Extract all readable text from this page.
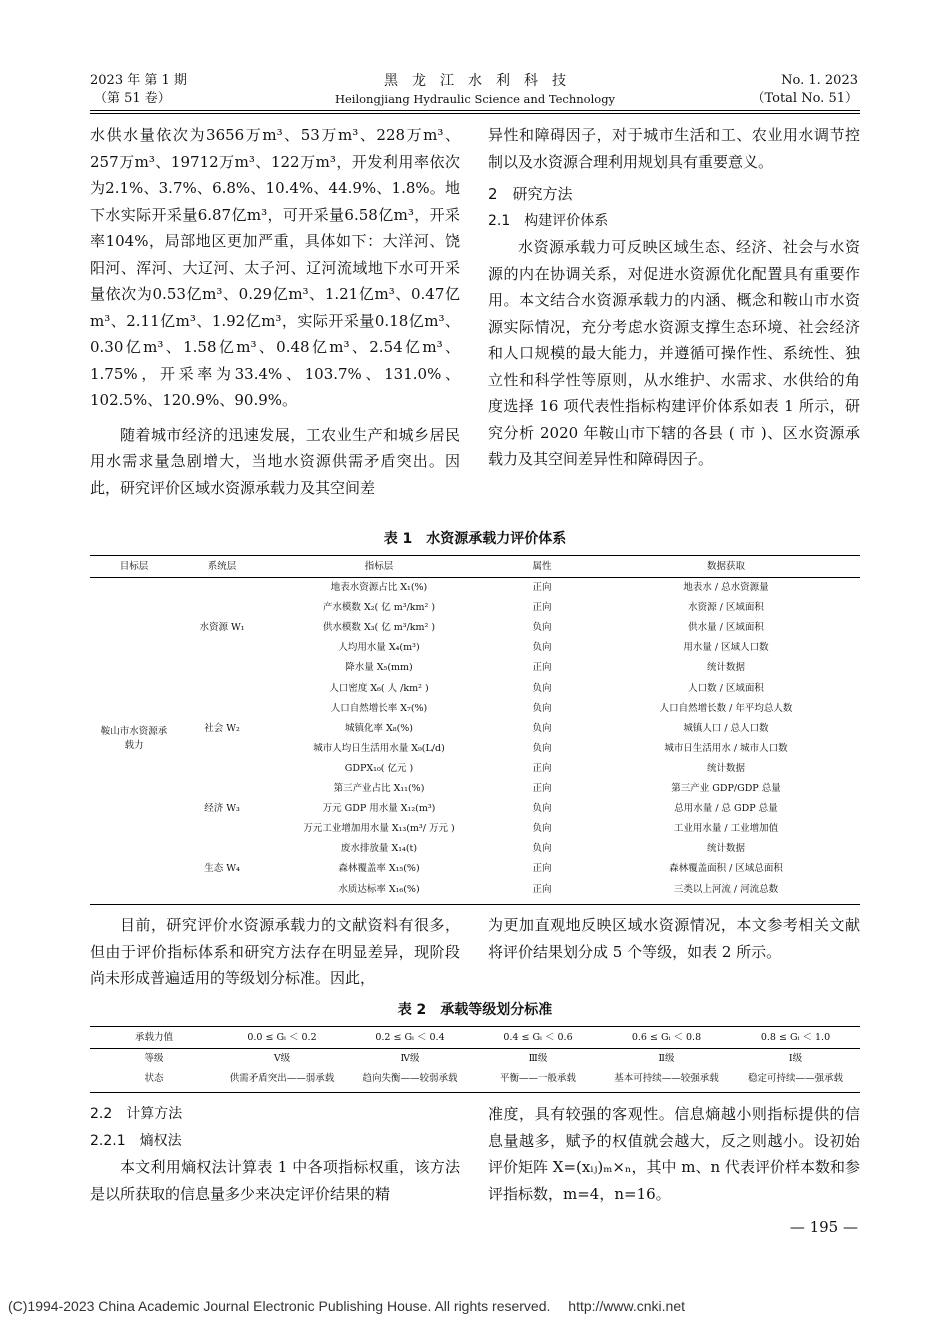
2023 年 第 1 期
（第 51 卷）
黑　龙　江　水　利　科　技
Heilongjiang Hydraulic Science and Technology
No. 1. 2023
（Total No. 51）

水供水量依次为3656万m³、53万m³、228万m³、257万m³、19712万m³、122万m³，开发利用率依次为2.1%、3.7%、6.8%、10.4%、44.9%、1.8%。地下水实际开采量6.87亿m³，可开采量6.58亿m³，开采率104%，局部地区更加严重，具体如下：大洋河、饶阳河、浑河、大辽河、太子河、辽河流域地下水可开采量依次为0.53亿m³、0.29亿m³、1.21亿m³、0.47亿m³、2.11亿m³、1.92亿m³，实际开采量0.18亿m³、0.30亿m³、1.58亿m³、0.48亿m³、2.54亿m³、1.75%，开采率为33.4%、103.7%、131.0%、102.5%、120.9%、90.9%。

随着城市经济的迅速发展，工农业生产和城乡居民用水需求量急剧增大，当地水资源供需矛盾突出。因此，研究评价区域水资源承载力及其空间差

异性和障碍因子，对于城市生活和工、农业用水调节控制以及水资源合理利用规划具有重要意义。

2　研究方法

2.1　构建评价体系

水资源承载力可反映区域生态、经济、社会与水资源的内在协调关系，对促进水资源优化配置具有重要作用。本文结合水资源承载力的内涵、概念和鞍山市水资源实际情况，充分考虑水资源支撑生态环境、社会经济和人口规模的最大能力，并遵循可操作性、系统性、独立性和科学性等原则，从水维护、水需求、水供给的角度选择 16 项代表性指标构建评价体系如表 1 所示，研究分析 2020 年鞍山市下辖的各县 ( 市 )、区水资源承载力及其空间差异性和障碍因子。

表 1　水资源承载力评价体系
目标层	系统层	指标层	属性	数据获取
鞍山市水资源承载力	水资源 W₁	地表水资源占比 X₁(%)	正向	地表水 / 总水资源量
		产水模数 X₂( 亿 m³/km² )	正向	水资源 / 区域面积
		供水模数 X₃( 亿 m³/km² )	负向	供水量 / 区域面积
		人均用水量 X₄(m³)	负向	用水量 / 区域人口数
		降水量 X₅(mm)	正向	统计数据
	社会 W₂	人口密度 X₆( 人 /km² )	负向	人口数 / 区域面积
		人口自然增长率 X₇(%)	负向	人口自然增长数 / 年平均总人数
		城镇化率 X₈(%)	负向	城镇人口 / 总人口数
		城市人均日生活用水量 X₉(L/d)	负向	城市日生活用水 / 城市人口数
		GDPX₁₀( 亿元 )	正向	统计数据
	经济 W₃	第三产业占比 X₁₁(%)	正向	第三产业 GDP/GDP 总量
		万元 GDP 用水量 X₁₂(m³)	负向	总用水量 / 总 GDP 总量
		万元工业增加用水量 X₁₃(m³/ 万元 )	负向	工业用水量 / 工业增加值
	生态 W₄	废水排放量 X₁₄(t)	负向	统计数据
		森林覆盖率 X₁₅(%)	正向	森林覆盖面积 / 区域总面积
		水质达标率 X₁₆(%)	正向	三类以上河流 / 河流总数

目前，研究评价水资源承载力的文献资料有很多，但由于评价指标体系和研究方法存在明显差异，现阶段尚未形成普遍适用的等级划分标准。因此，

为更加直观地反映区域水资源情况，本文参考相关文献将评价结果划分成 5 个等级，如表 2 所示。

表 2　承载等级划分标准
承载力值	0.0 ≤ Gᵢ ＜ 0.2	0.2 ≤ Gᵢ ＜ 0.4	0.4 ≤ Gᵢ ＜ 0.6	0.6 ≤ Gᵢ ＜ 0.8	0.8 ≤ Gᵢ ＜ 1.0
等级	Ⅴ级	Ⅳ级	Ⅲ级	Ⅱ级	Ⅰ级
状态	供需矛盾突出——弱承载	趋向失衡——较弱承载	平衡——一般承载	基本可持续——较强承载	稳定可持续——强承载

2.2　计算方法

2.2.1　熵权法

本文利用熵权法计算表 1 中各项指标权重，该方法是以所获取的信息量多少来决定评价结果的精

准度，具有较强的客观性。信息熵越小则指标提供的信息量越多，赋予的权值就会越大，反之则越小。设初始评价矩阵 X=(xᵢⱼ)ₘ×ₙ，其中 m、n 代表评价样本数和参评指标数，m=4，n=16。

— 195 —
(C)1994-2023 China Academic Journal Electronic Publishing House. All rights reserved.　 http://www.cnki.net
